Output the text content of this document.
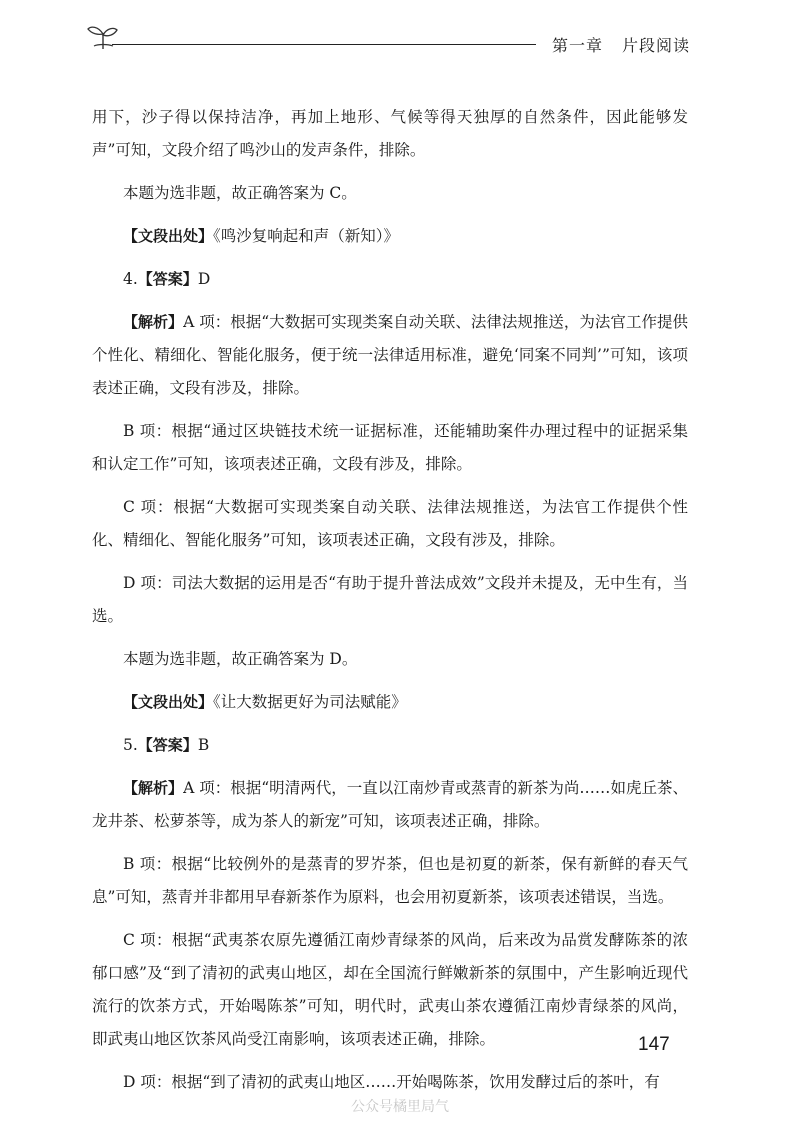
第一章 片段阅读

用下，沙子得以保持洁净，再加上地形、气候等得天独厚的自然条件，因此能够发声”可知，文段介绍了鸣沙山的发声条件，排除。

本题为选非题，故正确答案为 C。

【文段出处】《鸣沙复响起和声（新知）》

4.【答案】D

【解析】A 项：根据“大数据可实现类案自动关联、法律法规推送，为法官工作提供个性化、精细化、智能化服务，便于统一法律适用标准，避免‘同案不同判’”可知，该项表述正确，文段有涉及，排除。

B 项：根据“通过区块链技术统一证据标准，还能辅助案件办理过程中的证据采集和认定工作”可知，该项表述正确，文段有涉及，排除。

C 项：根据“大数据可实现类案自动关联、法律法规推送，为法官工作提供个性化、精细化、智能化服务”可知，该项表述正确，文段有涉及，排除。

D 项：司法大数据的运用是否“有助于提升普法成效”文段并未提及，无中生有，当选。

本题为选非题，故正确答案为 D。

【文段出处】《让大数据更好为司法赋能》

5.【答案】B

【解析】A 项：根据“明清两代，一直以江南炒青或蒸青的新茶为尚……如虎丘茶、龙井茶、松萝茶等，成为茶人的新宠”可知，该项表述正确，排除。

B 项：根据“比较例外的是蒸青的罗岕茶，但也是初夏的新茶，保有新鲜的春天气息”可知，蒸青并非都用早春新茶作为原料，也会用初夏新茶，该项表述错误，当选。

C 项：根据“武夷茶农原先遵循江南炒青绿茶的风尚，后来改为品赏发酵陈茶的浓郁口感”及“到了清初的武夷山地区，却在全国流行鲜嫩新茶的氛围中，产生影响近现代流行的饮茶方式，开始喝陈茶”可知，明代时，武夷山茶农遵循江南炒青绿茶的风尚，即武夷山地区饮茶风尚受江南影响，该项表述正确，排除。

D 项：根据“到了清初的武夷山地区……开始喝陈茶，饮用发酵过后的茶叶，有

147
公众号橘里局气
